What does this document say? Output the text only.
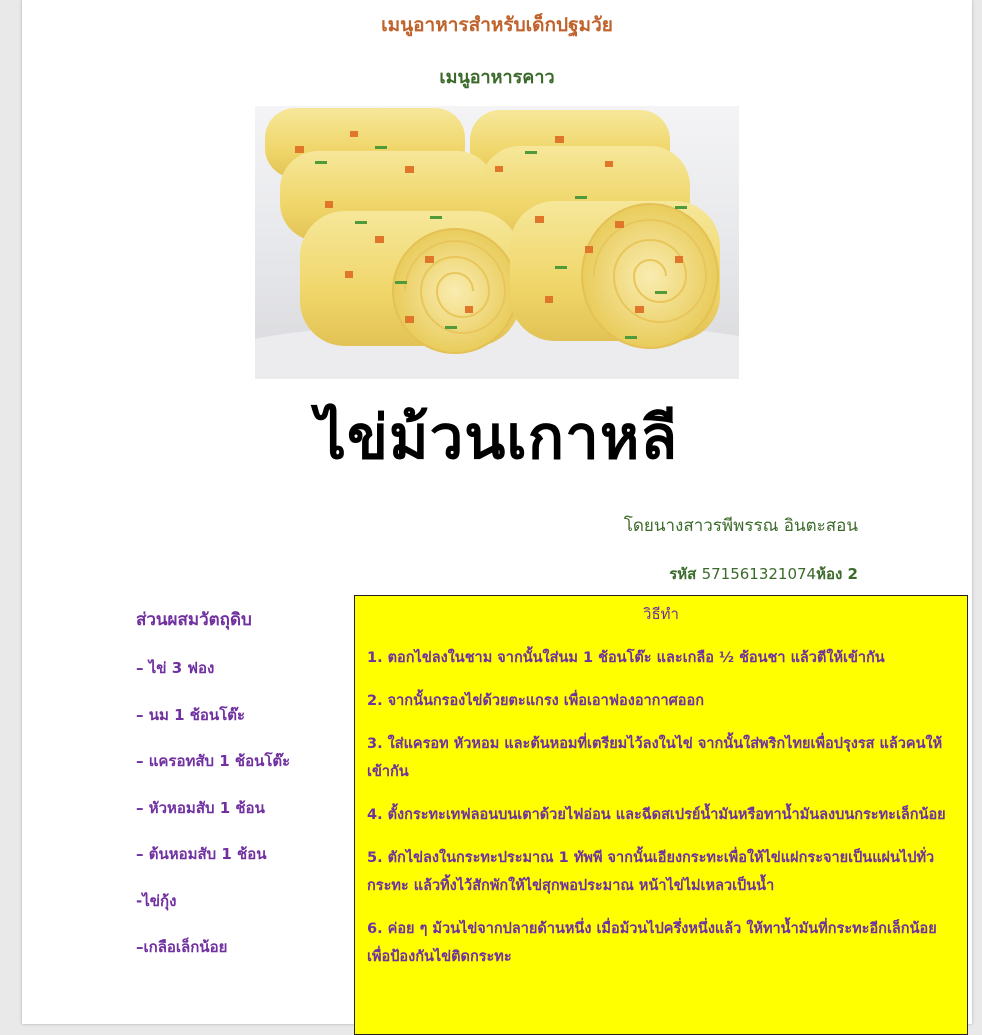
เมนูอาหารสำหรับเด็กปฐมวัย
เมนูอาหารคาว
ไข่ม้วนเกาหลี
โดยนางสาวรพีพรรณ อินตะสอน
รหัส 571561321074ห้อง 2
ส่วนผสมวัตถุดิบ
– ไข่ 3 ฟอง
– นม 1 ช้อนโต๊ะ
– แครอทสับ 1 ช้อนโต๊ะ
– หัวหอมสับ 1 ช้อน
– ต้นหอมสับ 1 ช้อน
-ไข่กุ้ง
–เกลือเล็กน้อย
วิธีทำ
1. ตอกไข่ลงในชาม จากนั้นใส่นม 1 ช้อนโต๊ะ และเกลือ ½ ช้อนชา แล้วตีให้เข้ากัน
2. จากนั้นกรองไข่ด้วยตะแกรง เพื่อเอาฟองอากาศออก
3. ใส่แครอท หัวหอม และต้นหอมที่เตรียมไว้ลงในไข่ จากนั้นใส่พริกไทยเพื่อปรุงรส แล้วคนให้เข้ากัน
4. ตั้งกระทะเทฟลอนบนเตาด้วยไฟอ่อน และฉีดสเปรย์น้ำมันหรือทาน้ำมันลงบนกระทะเล็กน้อย
5. ตักไข่ลงในกระทะประมาณ 1 ทัพพี จากนั้นเอียงกระทะเพื่อให้ไข่แผ่กระจายเป็นแผ่นไปทั่วกระทะ แล้วทิ้งไว้สักพักให้ไข่สุกพอประมาณ หน้าไข่ไม่เหลวเป็นน้ำ
6. ค่อย ๆ ม้วนไข่จากปลายด้านหนึ่ง เมื่อม้วนไปครึ่งหนึ่งแล้ว ให้ทาน้ำมันที่กระทะอีกเล็กน้อย เพื่อป้องกันไข่ติดกระทะ
